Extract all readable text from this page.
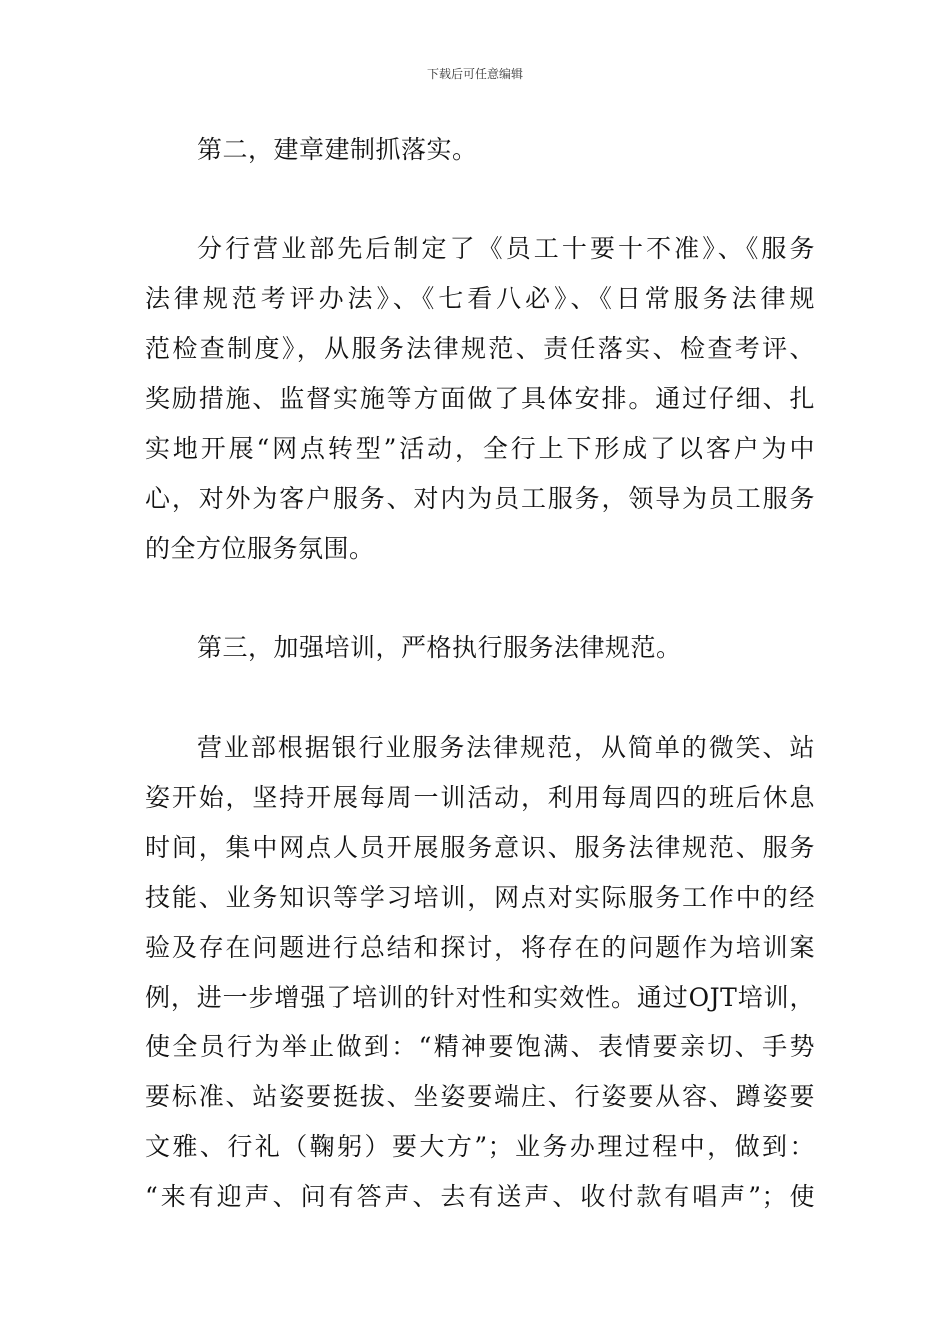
下载后可任意编辑
第二，建章建制抓落实。
分行营业部先后制定了《员工十要十不准》、《服务
法律规范考评办法》、《七看八必》、《日常服务法律规
范检查制度》，从服务法律规范、责任落实、检查考评、
奖励措施、监督实施等方面做了具体安排。通过仔细、扎
实地开展“网点转型”活动，全行上下形成了以客户为中
心，对外为客户服务、对内为员工服务，领导为员工服务
的全方位服务氛围。
第三，加强培训，严格执行服务法律规范。
营业部根据银行业服务法律规范，从简单的微笑、站
姿开始，坚持开展每周一训活动，利用每周四的班后休息
时间，集中网点人员开展服务意识、服务法律规范、服务
技能、业务知识等学习培训，网点对实际服务工作中的经
验及存在问题进行总结和探讨，将存在的问题作为培训案
例，进一步增强了培训的针对性和实效性。通过OJT培训，
使全员行为举止做到：“精神要饱满、表情要亲切、手势
要标准、站姿要挺拔、坐姿要端庄、行姿要从容、蹲姿要
文雅、行礼（鞠躬）要大方”；业务办理过程中，做到：
“来有迎声、问有答声、去有送声、收付款有唱声”；使
